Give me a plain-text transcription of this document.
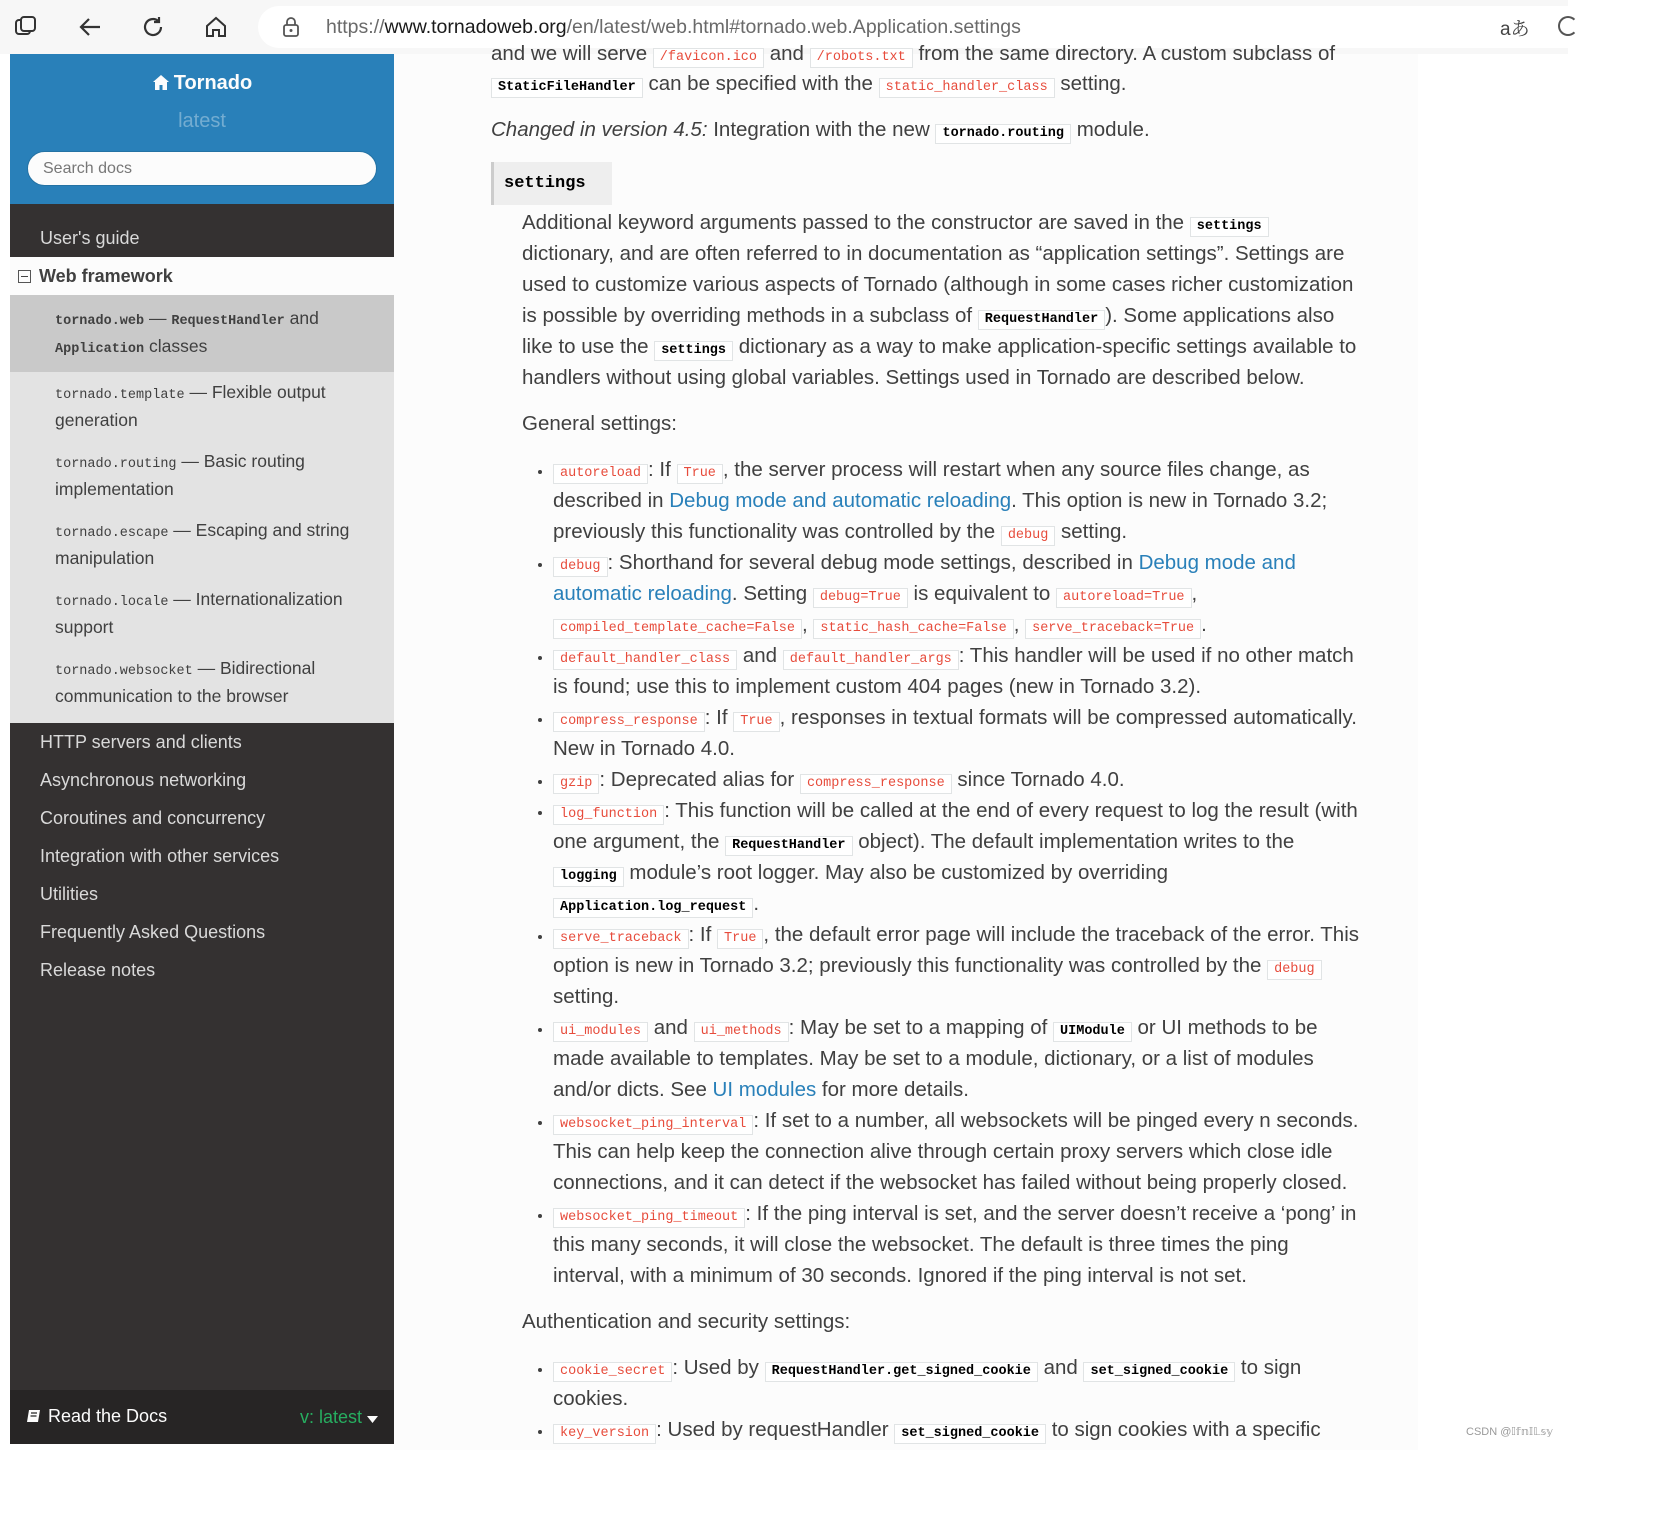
https://www.tornadoweb.org/en/latest/web.html#tornado.web.Application.settings	aあ
Tornado
latest
Search docs
User's guide
Web framework
tornado.web — RequestHandler and
Application classes
tornado.template — Flexible output generation
tornado.routing — Basic routing implementation
tornado.escape — Escaping and string manipulation
tornado.locale — Internationalization support
tornado.websocket — Bidirectional communication to the browser
HTTP servers and clients
Asynchronous networking
Coroutines and concurrency
Integration with other services
Utilities
Frequently Asked Questions
Release notes
Read the Docs	v: latest
and we will serve /favicon.ico and /robots.txt from the same directory. A custom subclass of
StaticFileHandler can be specified with the static_handler_class setting.
Changed in version 4.5: Integration with the new tornado.routing module.
settings

Additional keyword arguments passed to the constructor are saved in the settings dictionary, and are often referred to in documentation as “application settings”. Settings are used to customize various aspects of Tornado (although in some cases richer customization is possible by overriding methods in a subclass of RequestHandler ). Some applications also like to use the settings dictionary as a way to make application-specific settings available to handlers without using global variables. Settings used in Tornado are described below.

General settings:

• autoreload : If True , the server process will restart when any source files change, as described in Debug mode and automatic reloading. This option is new in Tornado 3.2; previously this functionality was controlled by the debug setting.
• debug : Shorthand for several debug mode settings, described in Debug mode and automatic reloading. Setting debug=True is equivalent to autoreload=True , compiled_template_cache=False , static_hash_cache=False , serve_traceback=True .
• default_handler_class and default_handler_args : This handler will be used if no other match is found; use this to implement custom 404 pages (new in Tornado 3.2).
• compress_response : If True , responses in textual formats will be compressed automatically. New in Tornado 4.0.
• gzip : Deprecated alias for compress_response since Tornado 4.0.
• log_function : This function will be called at the end of every request to log the result (with one argument, the RequestHandler object). The default implementation writes to the logging module’s root logger. May also be customized by overriding Application.log_request .
• serve_traceback : If True , the default error page will include the traceback of the error. This option is new in Tornado 3.2; previously this functionality was controlled by the debug setting.
• ui_modules and ui_methods : May be set to a mapping of UIModule or UI methods to be made available to templates. May be set to a module, dictionary, or a list of modules and/or dicts. See UI modules for more details.
• websocket_ping_interval : If set to a number, all websockets will be pinged every n seconds. This can help keep the connection alive through certain proxy servers which close idle connections, and it can detect if the websocket has failed without being properly closed.
• websocket_ping_timeout : If the ping interval is set, and the server doesn’t receive a ‘pong’ in this many seconds, it will close the websocket. The default is three times the ping interval, with a minimum of 30 seconds. Ignored if the ping interval is not set.

Authentication and security settings:

• cookie_secret : Used by RequestHandler.get_signed_cookie and set_signed_cookie to sign cookies.
• key_version : Used by requestHandler set_signed_cookie to sign cookies with a specific	CSDN @𝕀𝕗𝕟𝕀𝕃𝕤𝕪
